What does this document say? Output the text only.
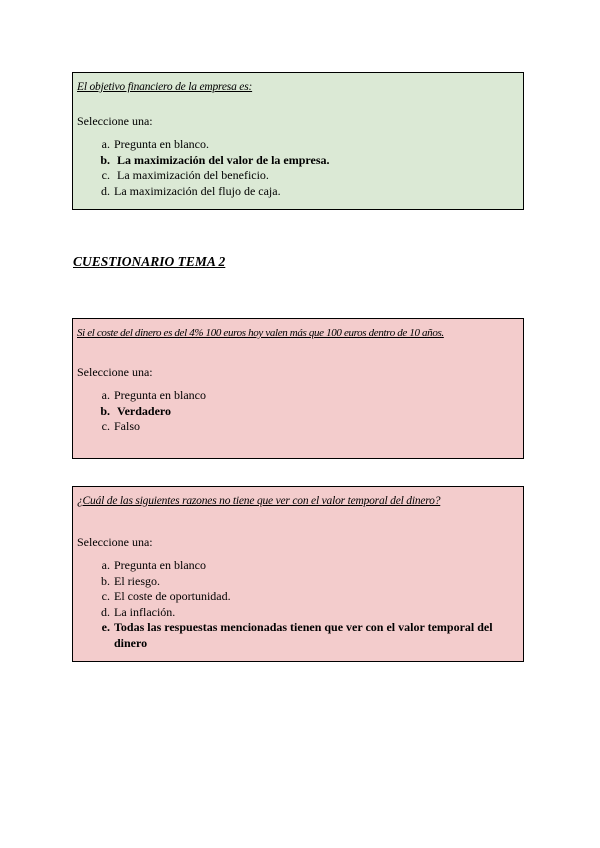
El objetivo financiero de la empresa es:

Seleccione una:

a. Pregunta en blanco.
b. La maximización del valor de la empresa.
c. La maximización del beneficio.
d. La maximización del flujo de caja.

CUESTIONARIO TEMA 2

Si el coste del dinero es del 4% 100 euros hoy valen más que 100 euros dentro de 10 años.

Seleccione una:

a. Pregunta en blanco
b. Verdadero
c. Falso

¿Cuál de las siguientes razones no tiene que ver con el valor temporal del dinero?

Seleccione una:

a. Pregunta en blanco
b. El riesgo.
c. El coste de oportunidad.
d. La inflación.
e. Todas las respuestas mencionadas tienen que ver con el valor temporal del dinero
